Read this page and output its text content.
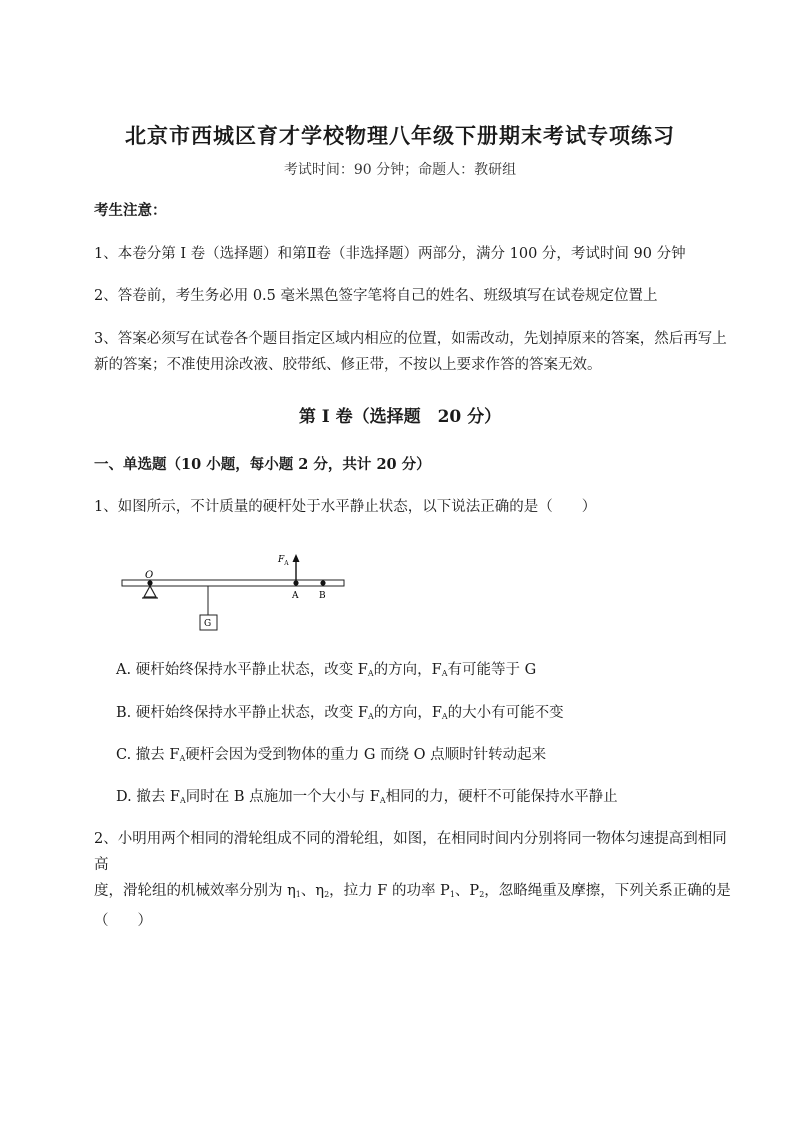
北京市西城区育才学校物理八年级下册期末考试专项练习
考试时间：90 分钟；命题人：教研组
考生注意：
1、本卷分第 I 卷（选择题）和第Ⅱ卷（非选择题）两部分，满分 100 分，考试时间 90 分钟
2、答卷前，考生务必用 0.5 毫米黑色签字笔将自己的姓名、班级填写在试卷规定位置上
3、答案必须写在试卷各个题目指定区域内相应的位置，如需改动，先划掉原来的答案，然后再写上新的答案；不准使用涂改液、胶带纸、修正带，不按以上要求作答的答案无效。
第 I 卷（选择题　20 分）
一、单选题（10 小题，每小题 2 分，共计 20 分）
1、如图所示，不计质量的硬杆处于水平静止状态，以下说法正确的是（　　）
O
A B
$F_A$
G
A. 硬杆始终保持水平静止状态，改变 $F_A$的方向，$F_A$有可能等于 G
B. 硬杆始终保持水平静止状态，改变 $F_A$的方向，$F_A$的大小有可能不变
C. 撤去 $F_A$硬杆会因为受到物体的重力 G 而绕 O 点顺时针转动起来
D. 撤去 $F_A$同时在 B 点施加一个大小与 $F_A$相同的力，硬杆不可能保持水平静止
2、小明用两个相同的滑轮组成不同的滑轮组，如图，在相同时间内分别将同一物体匀速提高到相同高
度，滑轮组的机械效率分别为 $\eta_1$、$\eta_2$，拉力 F 的功率 $P_1$、$P_2$，忽略绳重及摩擦，下列关系正确的是
（　　）
